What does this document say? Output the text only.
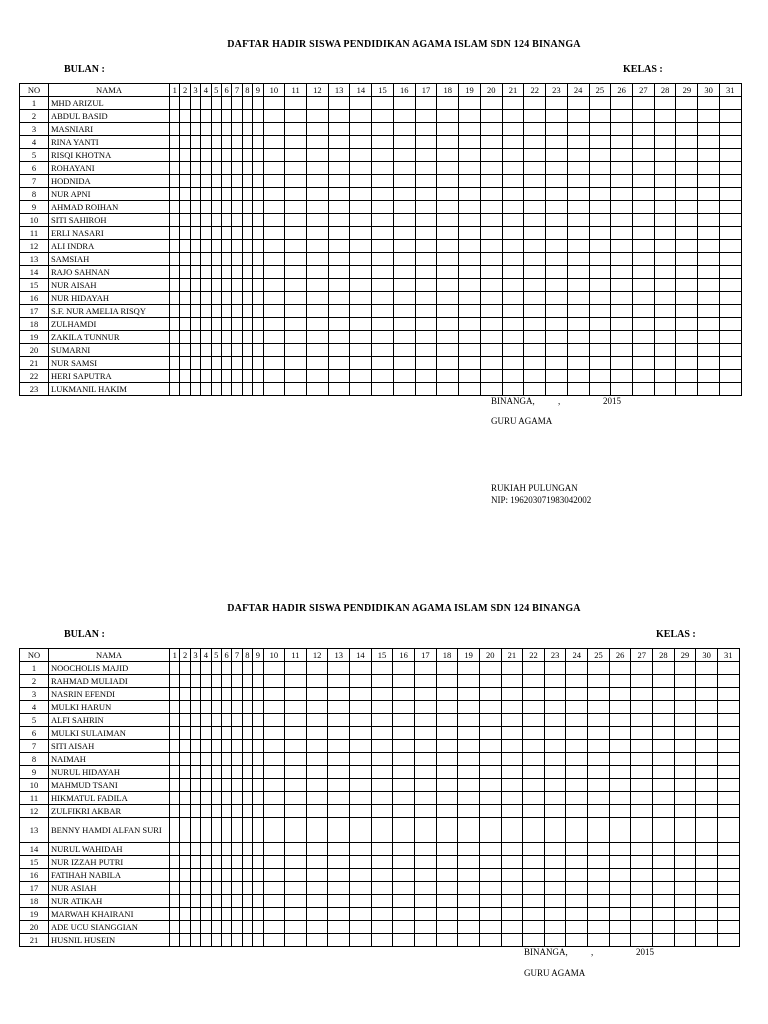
DAFTAR HADIR SISWA PENDIDIKAN AGAMA ISLAM SDN 124 BINANGA
BULAN :	KELAS :
NO	NAMA	1	2	3	4	5	6	7	8	9	10	11	12	13	14	15	16	17	18	19	20	21	22	23	24	25	26	27	28	29	30	31
1	MHD ARIZUL																															
2	ABDUL BASID																															
3	MASNIARI																															
4	RINA YANTI																															
5	RISQI KHOTNA																															
6	ROHAYANI																															
7	HODNIDA																															
8	NUR APNI																															
9	AHMAD ROIHAN																															
10	SITI SAHIROH																															
11	ERLI NASARI																															
12	ALI INDRA																															
13	SAMSIAH																															
14	RAJO SAHNAN																															
15	NUR AISAH																															
16	NUR HIDAYAH																															
17	S.F. NUR AMELIA RISQY																															
18	ZULHAMDI																															
19	ZAKILA TUNNUR																															
20	SUMARNI																															
21	NUR SAMSI																															
22	HERI SAPUTRA																															
23	LUKMANIL HAKIM																															
BINANGA,	,	2015
GURU AGAMA
RUKIAH PULUNGAN
NIP: 196203071983042002
DAFTAR HADIR SISWA PENDIDIKAN AGAMA ISLAM SDN 124 BINANGA
BULAN :	KELAS :
NO	NAMA	1	2	3	4	5	6	7	8	9	10	11	12	13	14	15	16	17	18	19	20	21	22	23	24	25	26	27	28	29	30	31
1	NOOCHOLIS MAJID																															
2	RAHMAD MULIADI																															
3	NASRIN EFENDI																															
4	MULKI HARUN																															
5	ALFI SAHRIN																															
6	MULKI SULAIMAN																															
7	SITI AISAH																															
8	NAIMAH																															
9	NURUL HIDAYAH																															
10	MAHMUD TSANI																															
11	HIKMATUL FADILA																															
12	ZULFIKRI AKBAR																															
13	BENNY HAMDI ALFAN SURI																															
14	NURUL WAHIDAH																															
15	NUR IZZAH PUTRI																															
16	FATIHAH NABILA																															
17	NUR ASIAH																															
18	NUR ATIKAH																															
19	MARWAH KHAIRANI																															
20	ADE UCU SIANGGIAN																															
21	HUSNIL HUSEIN																															
BINANGA,	,	2015
GURU AGAMA
